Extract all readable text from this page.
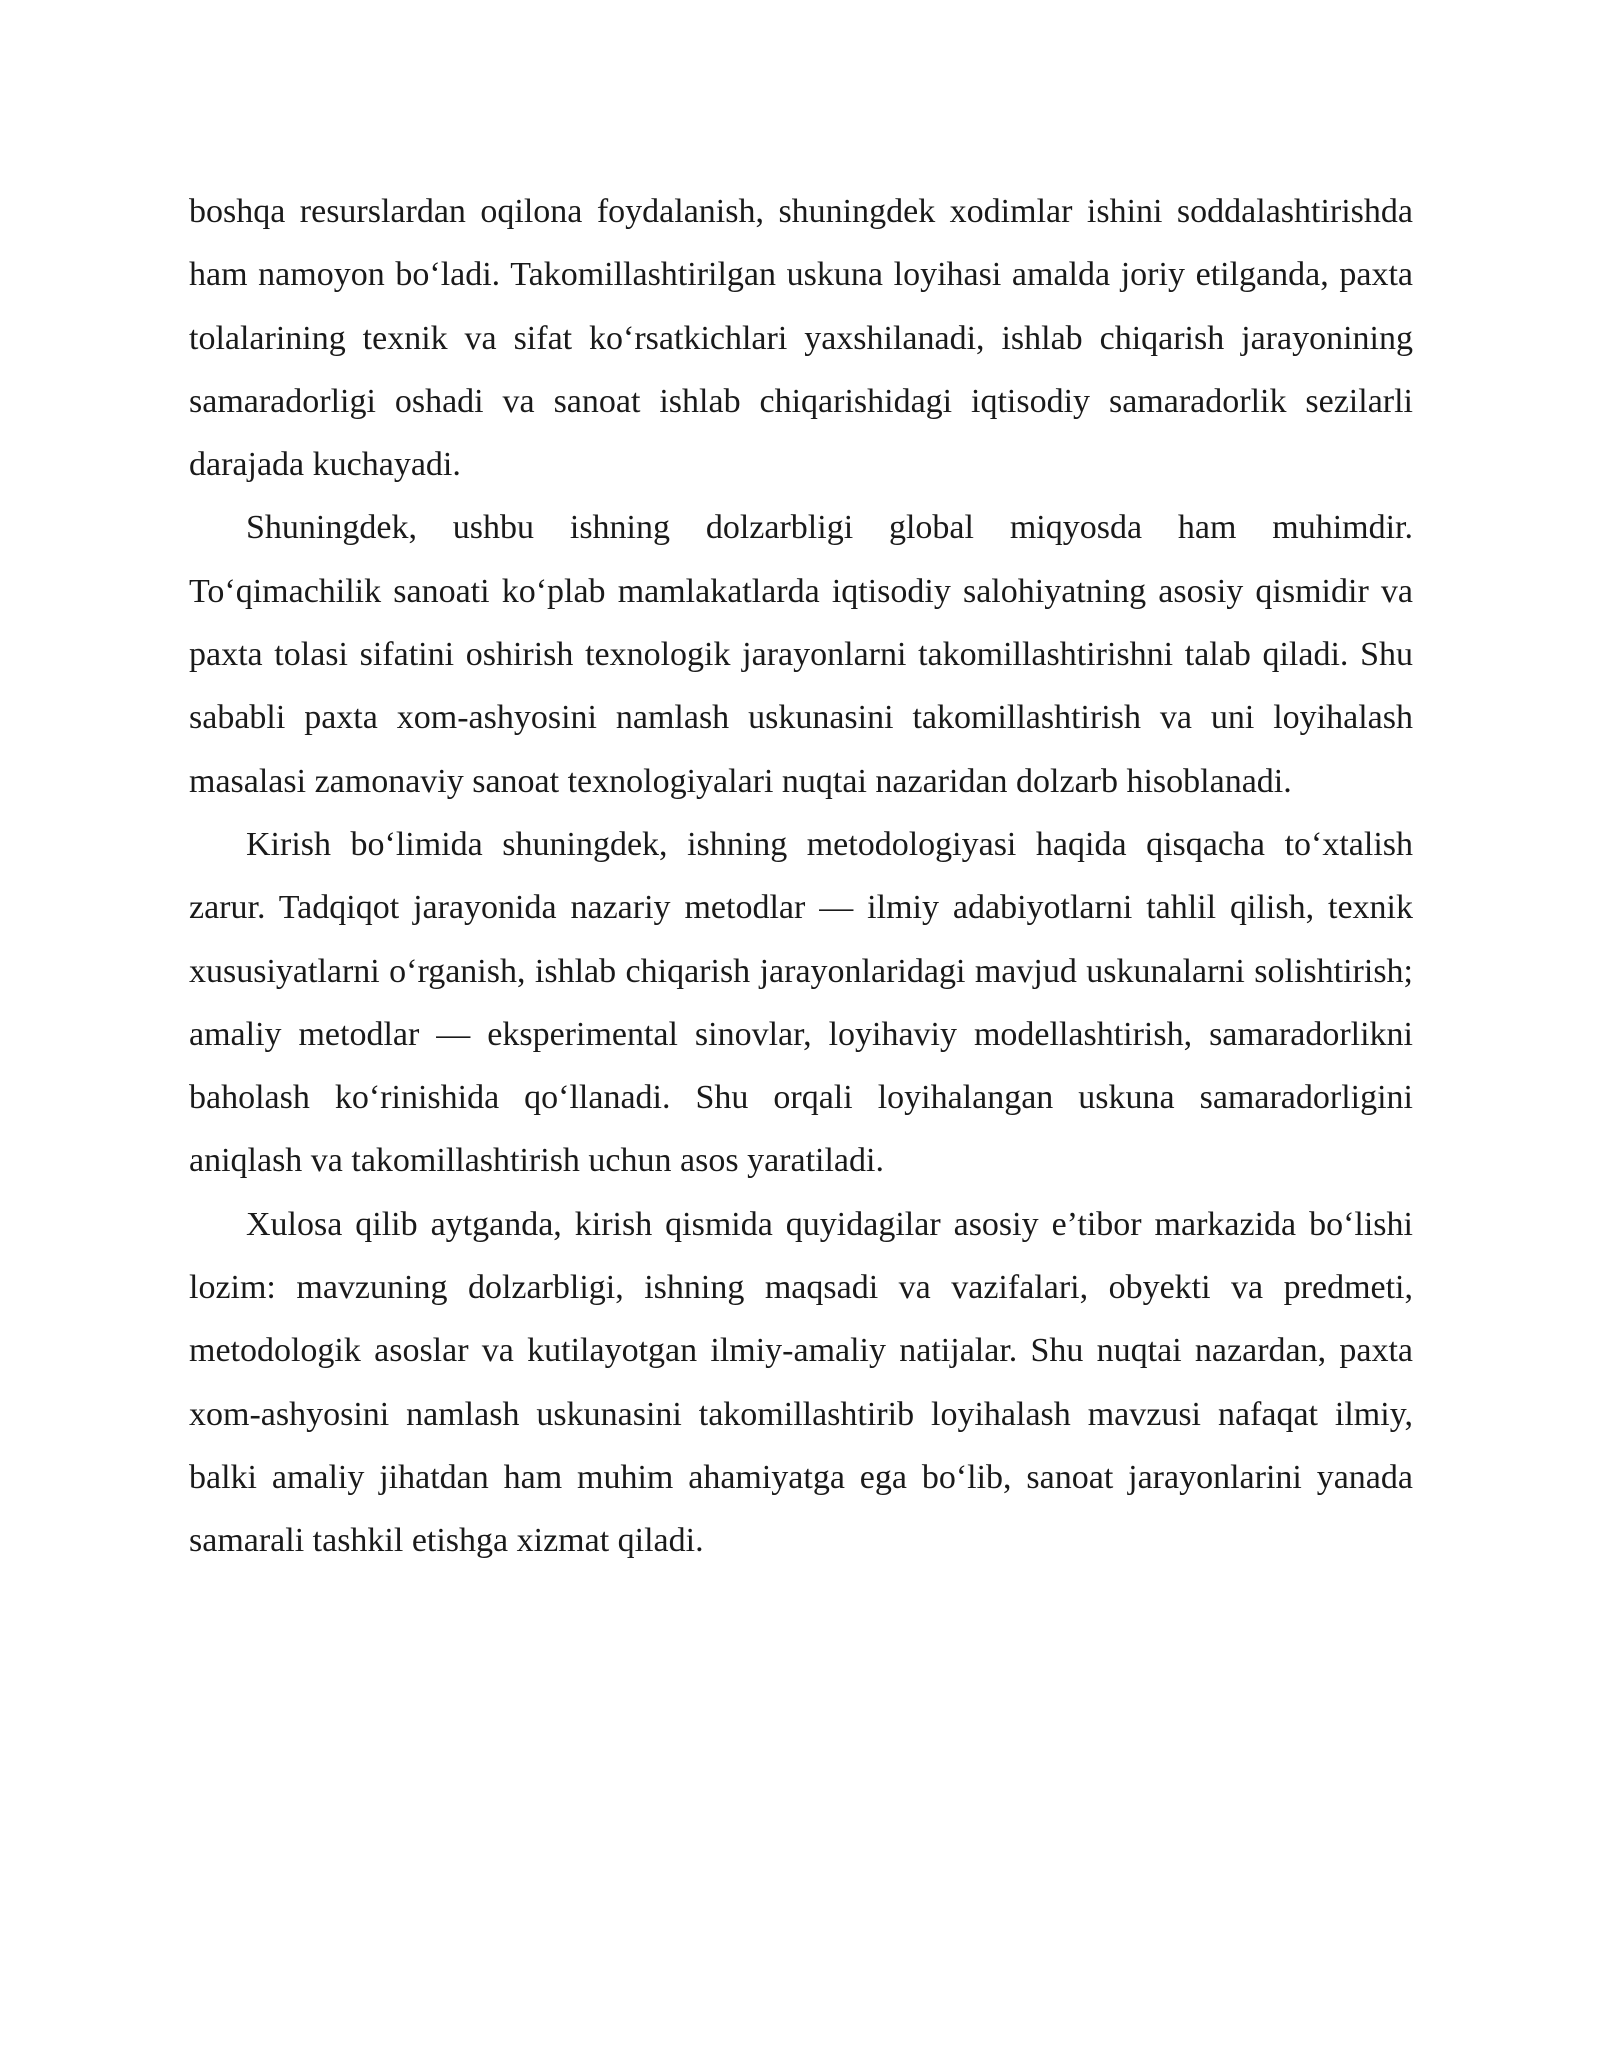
boshqa resurslardan oqilona foydalanish, shuningdek xodimlar ishini soddalashtirishda ham namoyon bo‘ladi. Takomillashtirilgan uskuna loyihasi amalda joriy etilganda, paxta tolalarining texnik va sifat ko‘rsatkichlari yaxshilanadi, ishlab chiqarish jarayonining samaradorligi oshadi va sanoat ishlab chiqarishidagi iqtisodiy samaradorlik sezilarli darajada kuchayadi.

Shuningdek, ushbu ishning dolzarbligi global miqyosda ham muhimdir. To‘qimachilik sanoati ko‘plab mamlakatlarda iqtisodiy salohiyatning asosiy qismidir va paxta tolasi sifatini oshirish texnologik jarayonlarni takomillashtirishni talab qiladi. Shu sababli paxta xom-ashyosini namlash uskunasini takomillashtirish va uni loyihalash masalasi zamonaviy sanoat texnologiyalari nuqtai nazaridan dolzarb hisoblanadi.

Kirish bo‘limida shuningdek, ishning metodologiyasi haqida qisqacha to‘xtalish zarur. Tadqiqot jarayonida nazariy metodlar — ilmiy adabiyotlarni tahlil qilish, texnik xususiyatlarni o‘rganish, ishlab chiqarish jarayonlaridagi mavjud uskunalarni solishtirish; amaliy metodlar — eksperimental sinovlar, loyihaviy modellashtirish, samaradorlikni baholash ko‘rinishida qo‘llanadi. Shu orqali loyihalangan uskuna samaradorligini aniqlash va takomillashtirish uchun asos yaratiladi.

Xulosa qilib aytganda, kirish qismida quyidagilar asosiy e’tibor markazida bo‘lishi lozim: mavzuning dolzarbligi, ishning maqsadi va vazifalari, obyekti va predmeti, metodologik asoslar va kutilayotgan ilmiy-amaliy natijalar. Shu nuqtai nazardan, paxta xom-ashyosini namlash uskunasini takomillashtirib loyihalash mavzusi nafaqat ilmiy, balki amaliy jihatdan ham muhim ahamiyatga ega bo‘lib, sanoat jarayonlarini yanada samarali tashkil etishga xizmat qiladi.
